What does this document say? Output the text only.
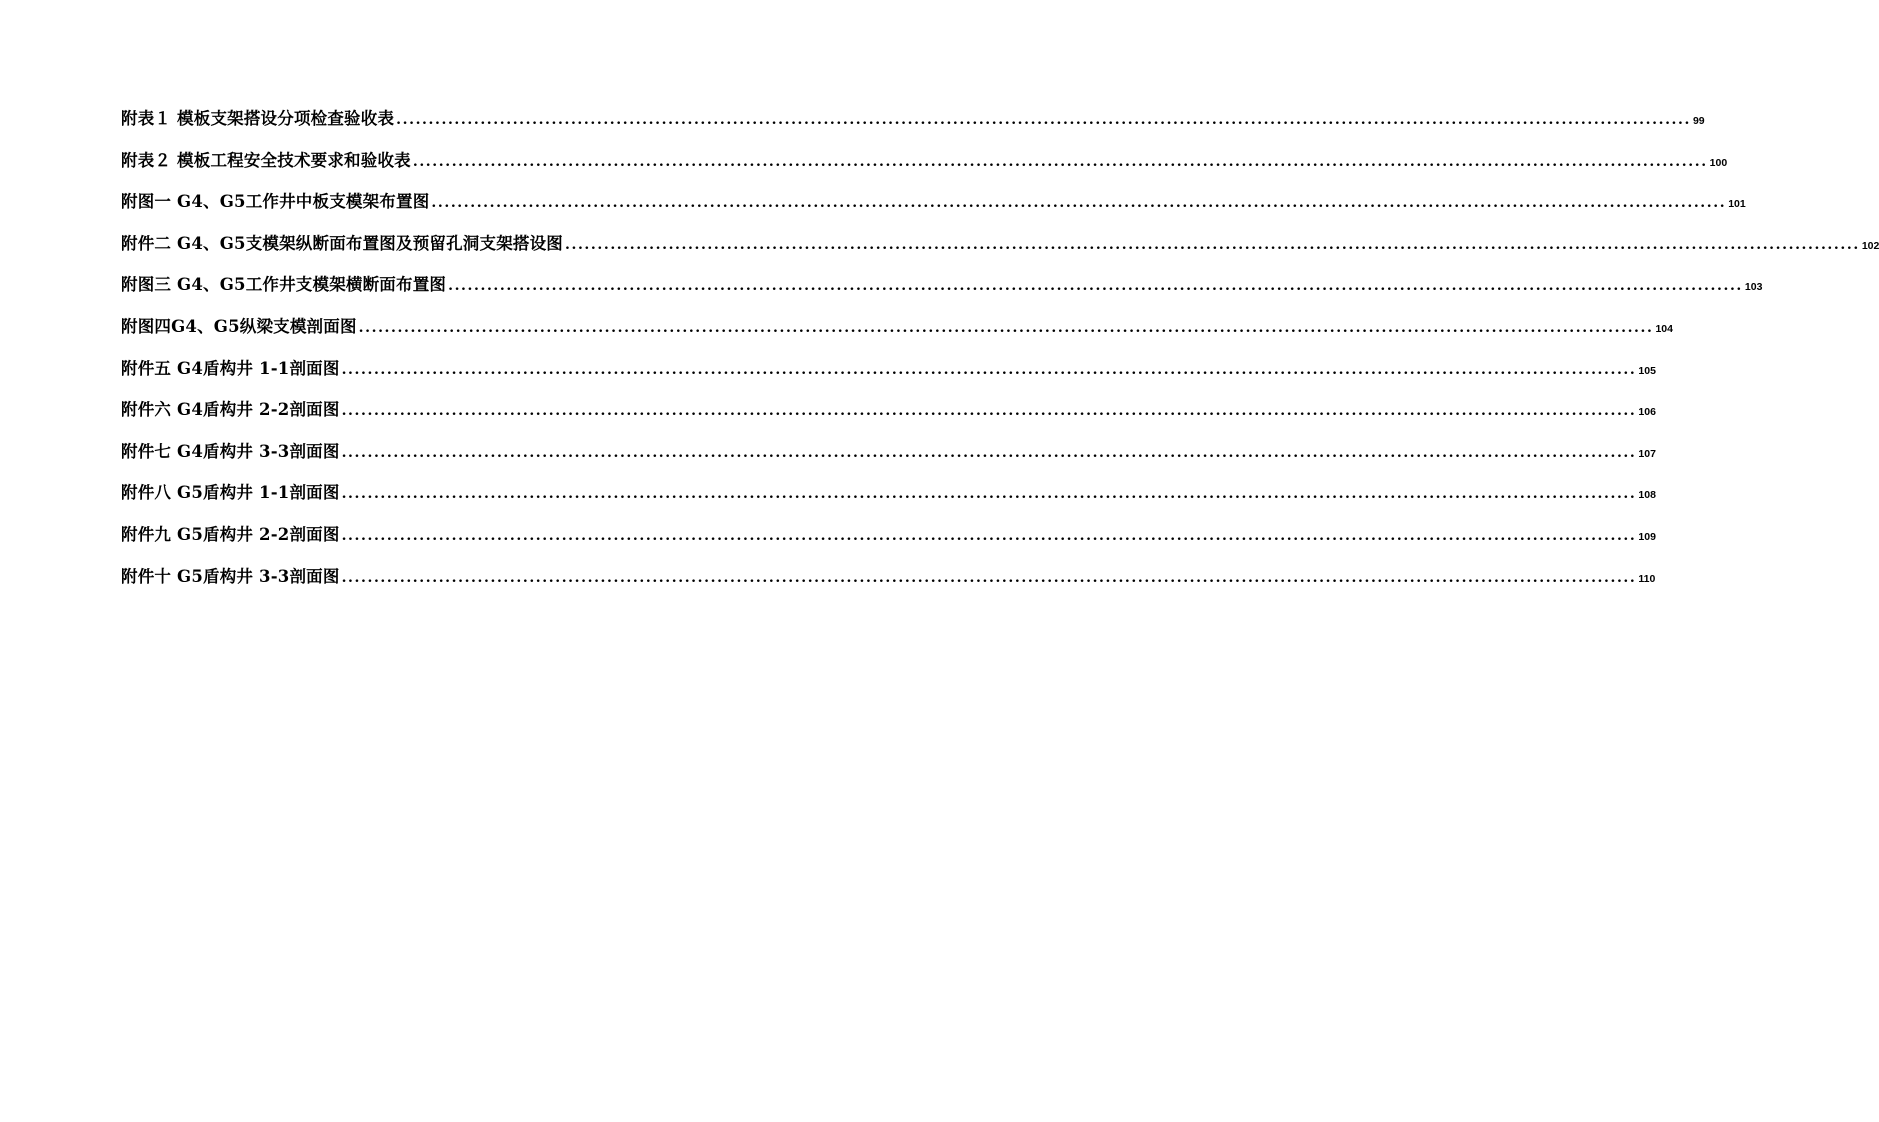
附表１ 模板支架搭设分项检查验收表 ........................................................................................................................................................................................................ 99
附表２ 模板工程安全技术要求和验收表 ........................................................................................................................................................................................................ 100
附图一 G4、G5工作井中板支模架布置图 ........................................................................................................................................................................................................ 101
附件二 G4、G5支模架纵断面布置图及预留孔洞支架搭设图 ........................................................................................................................................................................................................ 102
附图三 G4、G5工作井支模架横断面布置图 ........................................................................................................................................................................................................ 103
附图四G4、G5纵梁支模剖面图 ........................................................................................................................................................................................................ 104
附件五 G4盾构井 1-1剖面图 ........................................................................................................................................................................................................ 105
附件六 G4盾构井 2-2剖面图 ........................................................................................................................................................................................................ 106
附件七 G4盾构井 3-3剖面图 ........................................................................................................................................................................................................ 107
附件八 G5盾构井 1-1剖面图 ........................................................................................................................................................................................................ 108
附件九 G5盾构井 2-2剖面图 ........................................................................................................................................................................................................ 109
附件十 G5盾构井 3-3剖面图 ........................................................................................................................................................................................................ 110
